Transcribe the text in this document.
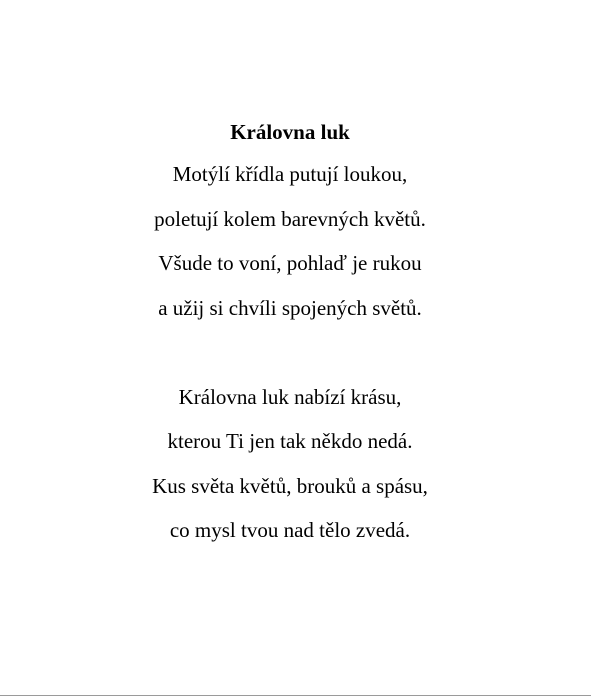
Královna luk
Motýlí křídla putují loukou,
poletují kolem barevných květů.
Všude to voní, pohlaď je rukou
a užij si chvíli spojených světů.
Královna luk nabízí krásu,
kterou Ti jen tak někdo nedá.
Kus světa květů, brouků a spásu,
co mysl tvou nad tělo zvedá.
